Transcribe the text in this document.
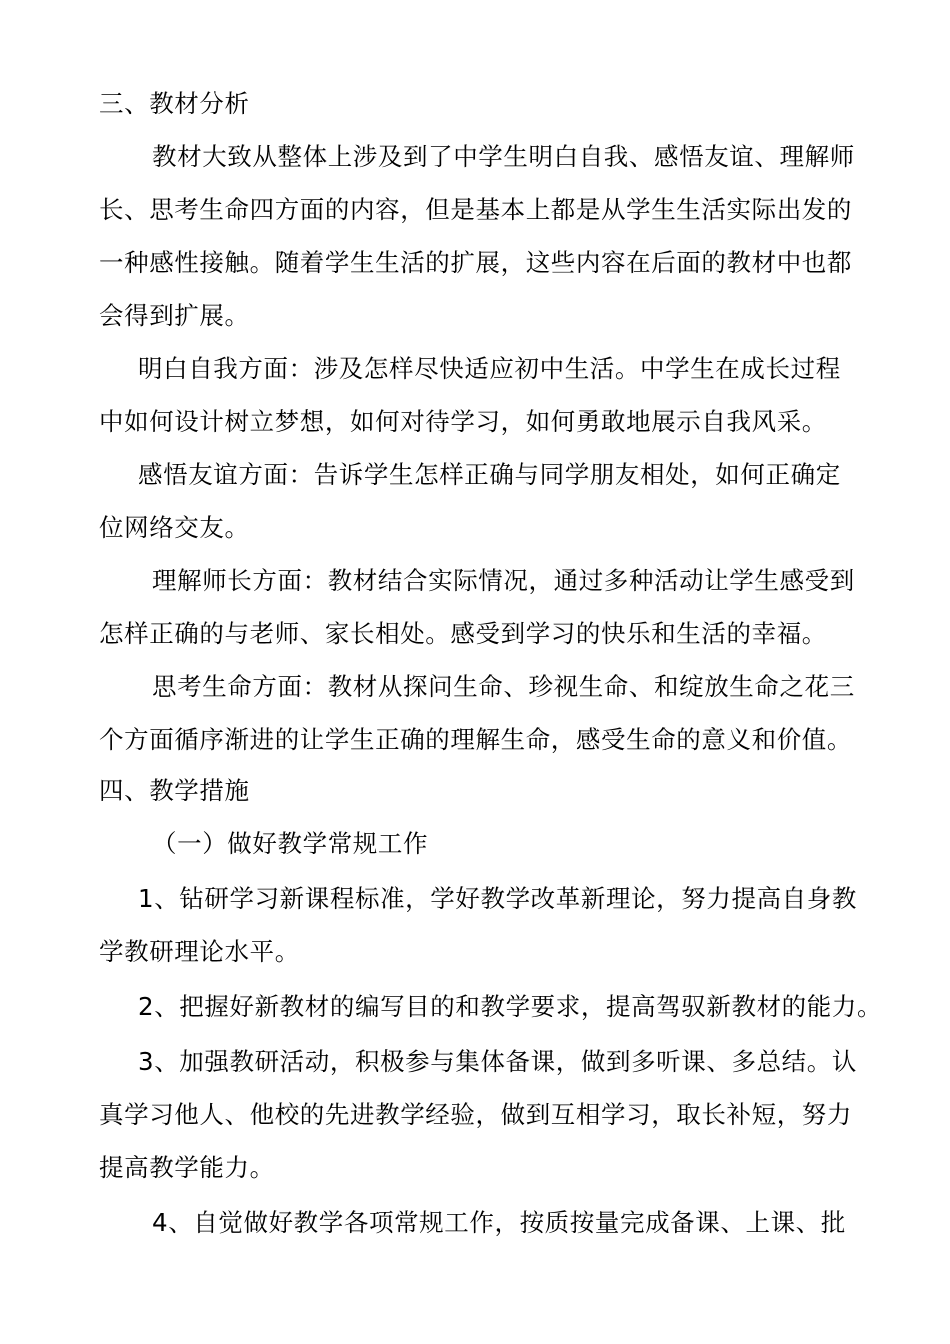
三、教材分析
教材大致从整体上涉及到了中学生明白自我、感悟友谊、理解师
长、思考生命四方面的内容，但是基本上都是从学生生活实际出发的
一种感性接触。随着学生生活的扩展，这些内容在后面的教材中也都
会得到扩展。
明白自我方面：涉及怎样尽快适应初中生活。中学生在成长过程
中如何设计树立梦想，如何对待学习，如何勇敢地展示自我风采。
感悟友谊方面：告诉学生怎样正确与同学朋友相处，如何正确定
位网络交友。
理解师长方面：教材结合实际情况，通过多种活动让学生感受到
怎样正确的与老师、家长相处。感受到学习的快乐和生活的幸福。
思考生命方面：教材从探问生命、珍视生命、和绽放生命之花三
个方面循序渐进的让学生正确的理解生命，感受生命的意义和价值。
四、教学措施
（一）做好教学常规工作
1、钻研学习新课程标准，学好教学改革新理论，努力提高自身教
学教研理论水平。
2、把握好新教材的编写目的和教学要求，提高驾驭新教材的能力。
3、加强教研活动，积极参与集体备课，做到多听课、多总结。认
真学习他人、他校的先进教学经验，做到互相学习，取长补短，努力
提高教学能力。
4、自觉做好教学各项常规工作，按质按量完成备课、上课、批
